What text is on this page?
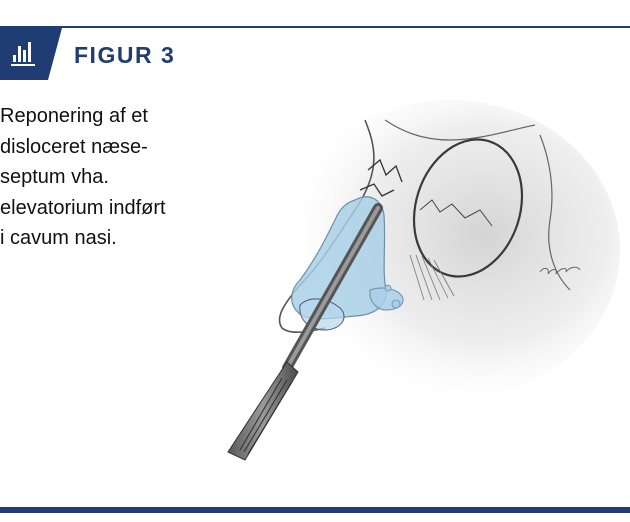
FIGUR 3
Reponering af et
disloceret næse-
septum vha.
elevatorium indført
i cavum nasi.
